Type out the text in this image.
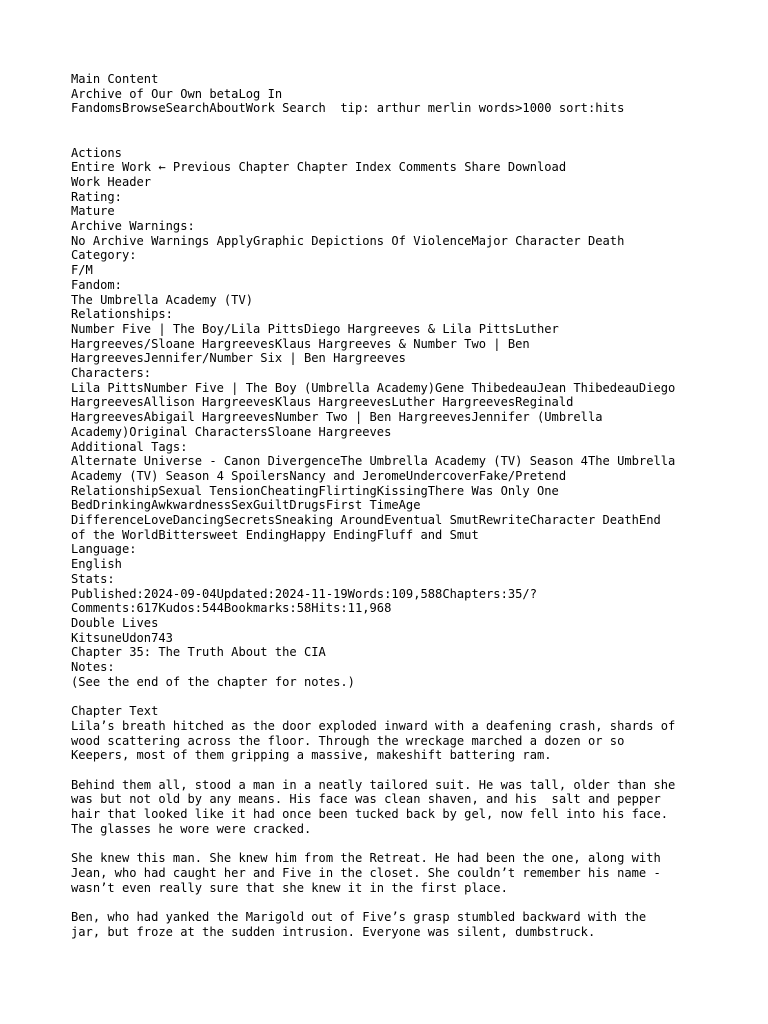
Main Content
Archive of Our Own betaLog In
FandomsBrowseSearchAboutWork Search tip: arthur merlin words>1000 sort:hits
Actions
Entire Work ← Previous Chapter Chapter Index Comments Share Download
Work Header
Rating:
Mature
Archive Warnings:
No Archive Warnings ApplyGraphic Depictions Of ViolenceMajor Character Death
Category:
F/M
Fandom:
The Umbrella Academy (TV)
Relationships:
Number Five | The Boy/Lila PittsDiego Hargreeves & Lila PittsLuther
Hargreeves/Sloane HargreevesKlaus Hargreeves & Number Two | Ben
HargreevesJennifer/Number Six | Ben Hargreeves
Characters:
Lila PittsNumber Five | The Boy (Umbrella Academy)Gene ThibedeauJean ThibedeauDiego
HargreevesAllison HargreevesKlaus HargreevesLuther HargreevesReginald
HargreevesAbigail HargreevesNumber Two | Ben HargreevesJennifer (Umbrella
Academy)Original CharactersSloane Hargreeves
Additional Tags:
Alternate Universe - Canon DivergenceThe Umbrella Academy (TV) Season 4The Umbrella
Academy (TV) Season 4 SpoilersNancy and JeromeUndercoverFake/Pretend
RelationshipSexual TensionCheatingFlirtingKissingThere Was Only One
BedDrinkingAwkwardnessSexGuiltDrugsFirst TimeAge
DifferenceLoveDancingSecretsSneaking AroundEventual SmutRewriteCharacter DeathEnd
of the WorldBittersweet EndingHappy EndingFluff and Smut
Language:
English
Stats:
Published:2024-09-04Updated:2024-11-19Words:109,588Chapters:35/?
Comments:617Kudos:544Bookmarks:58Hits:11,968
Double Lives
KitsuneUdon743
Chapter 35: The Truth About the CIA
Notes:
(See the end of the chapter for notes.)
Chapter Text
Lila’s breath hitched as the door exploded inward with a deafening crash, shards of
wood scattering across the floor. Through the wreckage marched a dozen or so
Keepers, most of them gripping a massive, makeshift battering ram.
Behind them all, stood a man in a neatly tailored suit. He was tall, older than she
was but not old by any means. His face was clean shaven, and his  salt and pepper
hair that looked like it had once been tucked back by gel, now fell into his face.
The glasses he wore were cracked.
She knew this man. She knew him from the Retreat. He had been the one, along with
Jean, who had caught her and Five in the closet. She couldn’t remember his name -
wasn’t even really sure that she knew it in the first place.
Ben, who had yanked the Marigold out of Five’s grasp stumbled backward with the
jar, but froze at the sudden intrusion. Everyone was silent, dumbstruck.
